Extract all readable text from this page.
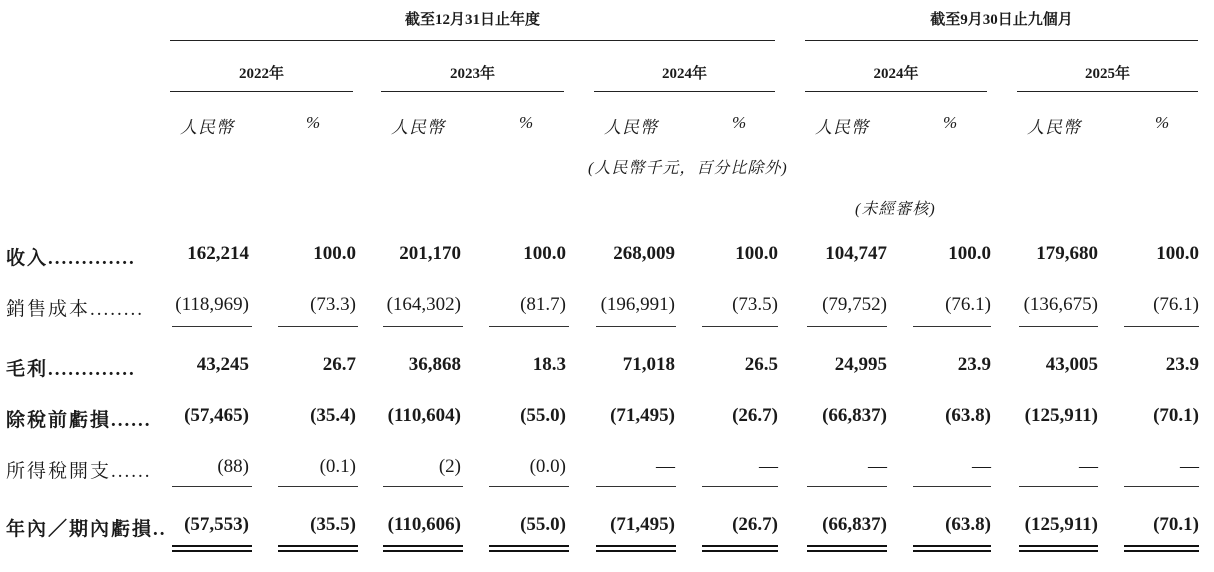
截至12月31日止年度	截至9月30日止九個月
2022年	2023年	2024年	2024年	2025年
人民幣	%	人民幣	%	人民幣	%	人民幣	%	人民幣	%
(人民幣千元，百分比除外)
(未經審核)
收入.............	162,214	100.0	201,170	100.0	268,009	100.0	104,747	100.0	179,680	100.0
銷售成本........	(118,969)	(73.3)	(164,302)	(81.7)	(196,991)	(73.5)	(79,752)	(76.1)	(136,675)	(76.1)
毛利.............	43,245	26.7	36,868	18.3	71,018	26.5	24,995	23.9	43,005	23.9
除稅前虧損......	(57,465)	(35.4)	(110,604)	(55.0)	(71,495)	(26.7)	(66,837)	(63.8)	(125,911)	(70.1)
所得稅開支......	(88)	(0.1)	(2)	(0.0)	—	—	—	—	—	—
年內／期內虧損.. (57,553)	(35.5)	(110,606)	(55.0)	(71,495)	(26.7)	(66,837)	(63.8)	(125,911)	(70.1)
